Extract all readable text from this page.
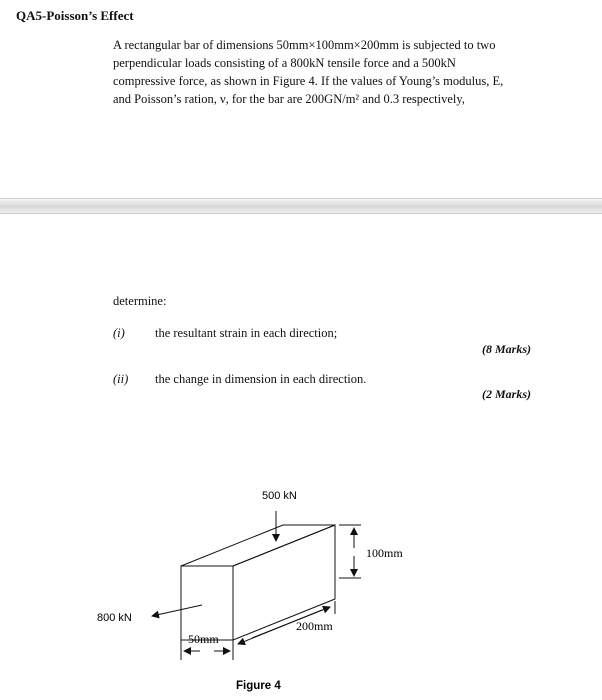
QA5-Poisson’s Effect

A rectangular bar of dimensions 50mm×100mm×200mm is subjected to two

perpendicular loads consisting of a 800kN tensile force and a 500kN

compressive force, as shown in Figure 4. If the values of Young’s modulus, E,

and Poisson’s ration, ν, for the bar are 200GN/m² and 0.3 respectively,

determine:
(i) the resultant strain in each direction;
(8 Marks)
(ii) the change in dimension in each direction.
(2 Marks)
500 kN
800 kN
100mm
200mm
50mm
Figure 4
